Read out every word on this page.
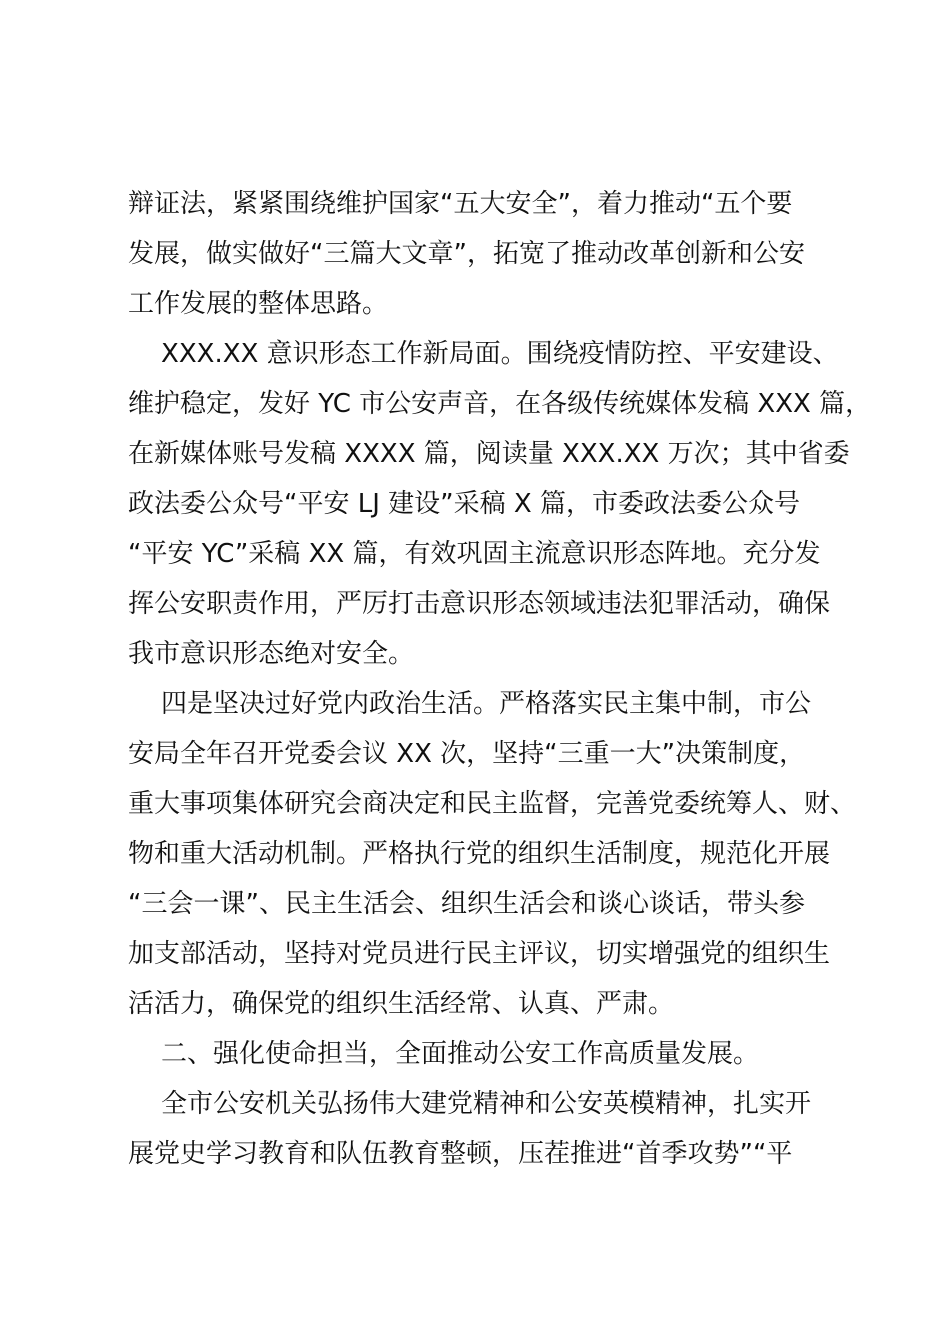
辩证法，紧紧围绕维护国家“五大安全”，着力推动“五个要
发展，做实做好“三篇大文章”，拓宽了推动改革创新和公安
工作发展的整体思路。
XXX.XX 意识形态工作新局面。围绕疫情防控、平安建设、
维护稳定，发好 YC 市公安声音，在各级传统媒体发稿 XXX 篇，
在新媒体账号发稿 XXXX 篇，阅读量 XXX.XX 万次；其中省委
政法委公众号“平安 LJ 建设”采稿 X 篇，市委政法委公众号
“平安 YC”采稿 XX 篇，有效巩固主流意识形态阵地。充分发
挥公安职责作用，严厉打击意识形态领域违法犯罪活动，确保
我市意识形态绝对安全。
四是坚决过好党内政治生活。严格落实民主集中制，市公
安局全年召开党委会议 XX 次，坚持“三重一大”决策制度，
重大事项集体研究会商决定和民主监督，完善党委统筹人、财、
物和重大活动机制。严格执行党的组织生活制度，规范化开展
“三会一课”、民主生活会、组织生活会和谈心谈话，带头参
加支部活动，坚持对党员进行民主评议，切实增强党的组织生
活活力，确保党的组织生活经常、认真、严肃。
二、强化使命担当，全面推动公安工作高质量发展。
全市公安机关弘扬伟大建党精神和公安英模精神，扎实开
展党史学习教育和队伍教育整顿，压茬推进“首季攻势”“平
